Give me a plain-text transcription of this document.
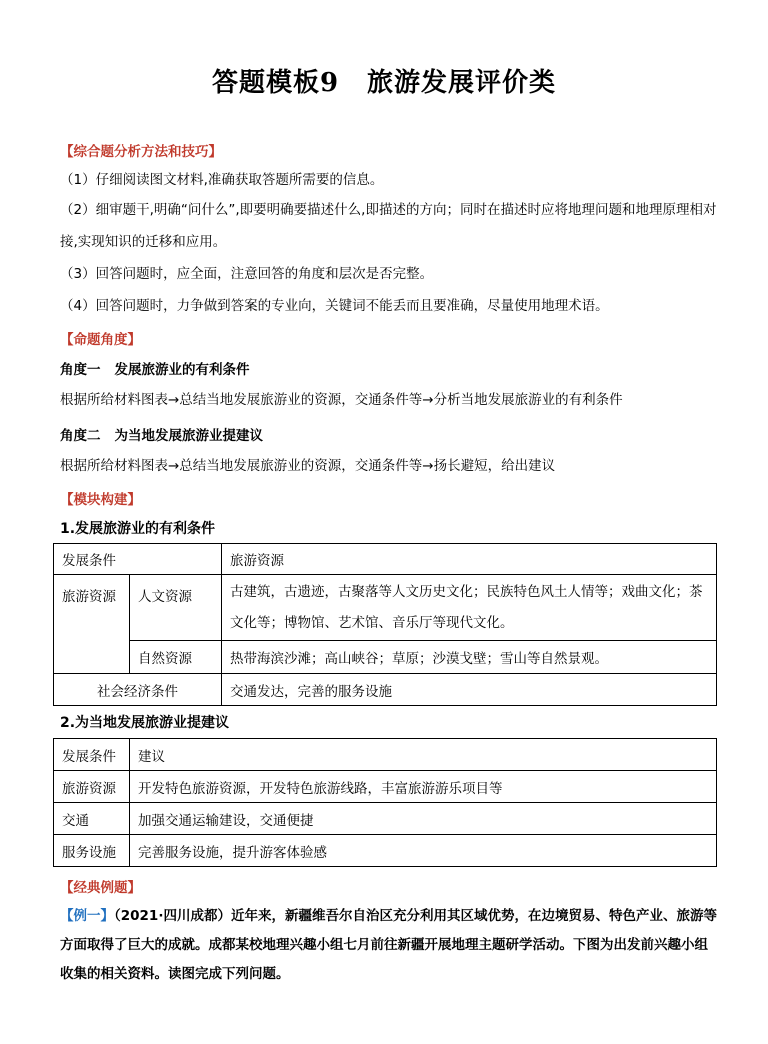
答题模板9 旅游发展评价类
【综合题分析方法和技巧】
（1）仔细阅读图文材料,准确获取答题所需要的信息。
（2）细审题干,明确“问什么”,即要明确要描述什么,即描述的方向；同时在描述时应将地理问题和地理原理相对接,实现知识的迁移和应用。
（3）回答问题时，应全面，注意回答的角度和层次是否完整。
（4）回答问题时，力争做到答案的专业向，关键词不能丢而且要准确，尽量使用地理术语。
【命题角度】
角度一 发展旅游业的有利条件
根据所给材料图表→总结当地发展旅游业的资源，交通条件等→分析当地发展旅游业的有利条件
角度二 为当地发展旅游业提建议
根据所给材料图表→总结当地发展旅游业的资源，交通条件等→扬长避短，给出建议
【模块构建】
1.发展旅游业的有利条件
发展条件		旅游资源
旅游资源	人文资源	古建筑，古遗迹，古聚落等人文历史文化；民族特色风土人情等；戏曲文化；茶文化等；博物馆、艺术馆、音乐厅等现代文化。
	自然资源	热带海滨沙滩；高山峡谷；草原；沙漠戈壁；雪山等自然景观。
社会经济条件		交通发达，完善的服务设施
2.为当地发展旅游业提建议
发展条件	建议
旅游资源	开发特色旅游资源，开发特色旅游线路，丰富旅游游乐项目等
交通	加强交通运输建设，交通便捷
服务设施	完善服务设施，提升游客体验感
【经典例题】
【例一】（2021·四川成都）近年来，新疆维吾尔自治区充分利用其区域优势，在边境贸易、特色产业、旅游等方面取得了巨大的成就。成都某校地理兴趣小组七月前往新疆开展地理主题研学活动。下图为出发前兴趣小组收集的相关资料。读图完成下列问题。
